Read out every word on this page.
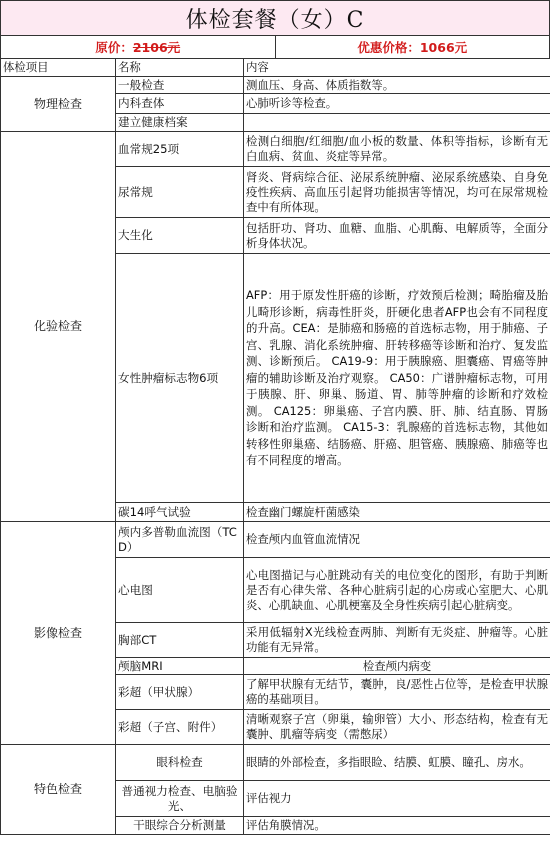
体检套餐（女）C
原价： 2106元	优惠价格： 1066元
体检项目	名称	内容
物理检查	一般检查	测血压、身高、体质指数等。
	内科查体	心肺听诊等检查。
	建立健康档案	
化验检查	血常规25项	检测白细胞/红细胞/血小板的数量、体积等指标，诊断有无白血病、贫血、炎症等异常。
	尿常规	肾炎、肾病综合征、泌尿系统肿瘤、泌尿系统感染、自身免疫性疾病、高血压引起肾功能损害等情况，均可在尿常规检查中有所体现。
	大生化	包括肝功、肾功、血糖、血脂、心肌酶、电解质等，全面分析身体状况。
	女性肿瘤标志物6项	AFP：用于原发性肝癌的诊断，疗效预后检测；畸胎瘤及胎儿畸形诊断，病毒性肝炎，肝硬化患者AFP也会有不同程度的升高。CEA：是肺癌和肠癌的首选标志物，用于肺癌、子宫、乳腺、消化系统肿瘤、肝转移癌等诊断和治疗、复发监测、诊断预后。 CA19-9：用于胰腺癌、胆囊癌、胃癌等肿瘤的辅助诊断及治疗观察。 CA50：广谱肿瘤标志物，可用于胰腺、肝、卵巢、肠道、胃、肺等肿瘤的诊断和疗效检测。 CA125：卵巢癌、子宫内膜、肝、肺、结直肠、胃肠诊断和治疗监测。 CA15-3：乳腺癌的首选标志物，其他如转移性卵巢癌、结肠癌、肝癌、胆管癌、胰腺癌、肺癌等也有不同程度的增高。
	碳14呼气试验	检查幽门螺旋杆菌感染
影像检查	颅内多普勒血流图（TCD）	检查颅内血管血流情况
	心电图	心电图描记与心脏跳动有关的电位变化的图形，有助于判断是否有心律失常、各种心脏病引起的心房或心室肥大、心肌炎、心肌缺血、心肌梗塞及全身性疾病引起心脏病变。
	胸部CT	采用低辐射X光线检查两肺、判断有无炎症、肿瘤等。心脏功能有无异常。
	颅脑MRI	检查颅内病变
	彩超（甲状腺）	了解甲状腺有无结节，囊肿，良/恶性占位等，是检查甲状腺癌的基础项目。
	彩超（子宫、附件）	清晰观察子宫（卵巢，输卵管）大小、形态结构，检查有无囊肿、肌瘤等病变（需憋尿）
特色检查	眼科检查	眼睛的外部检查，多指眼睑、结膜、虹膜、瞳孔、房水。
	普通视力检查、电脑验光、	评估视力
	干眼综合分析测量	评估角膜情况。
